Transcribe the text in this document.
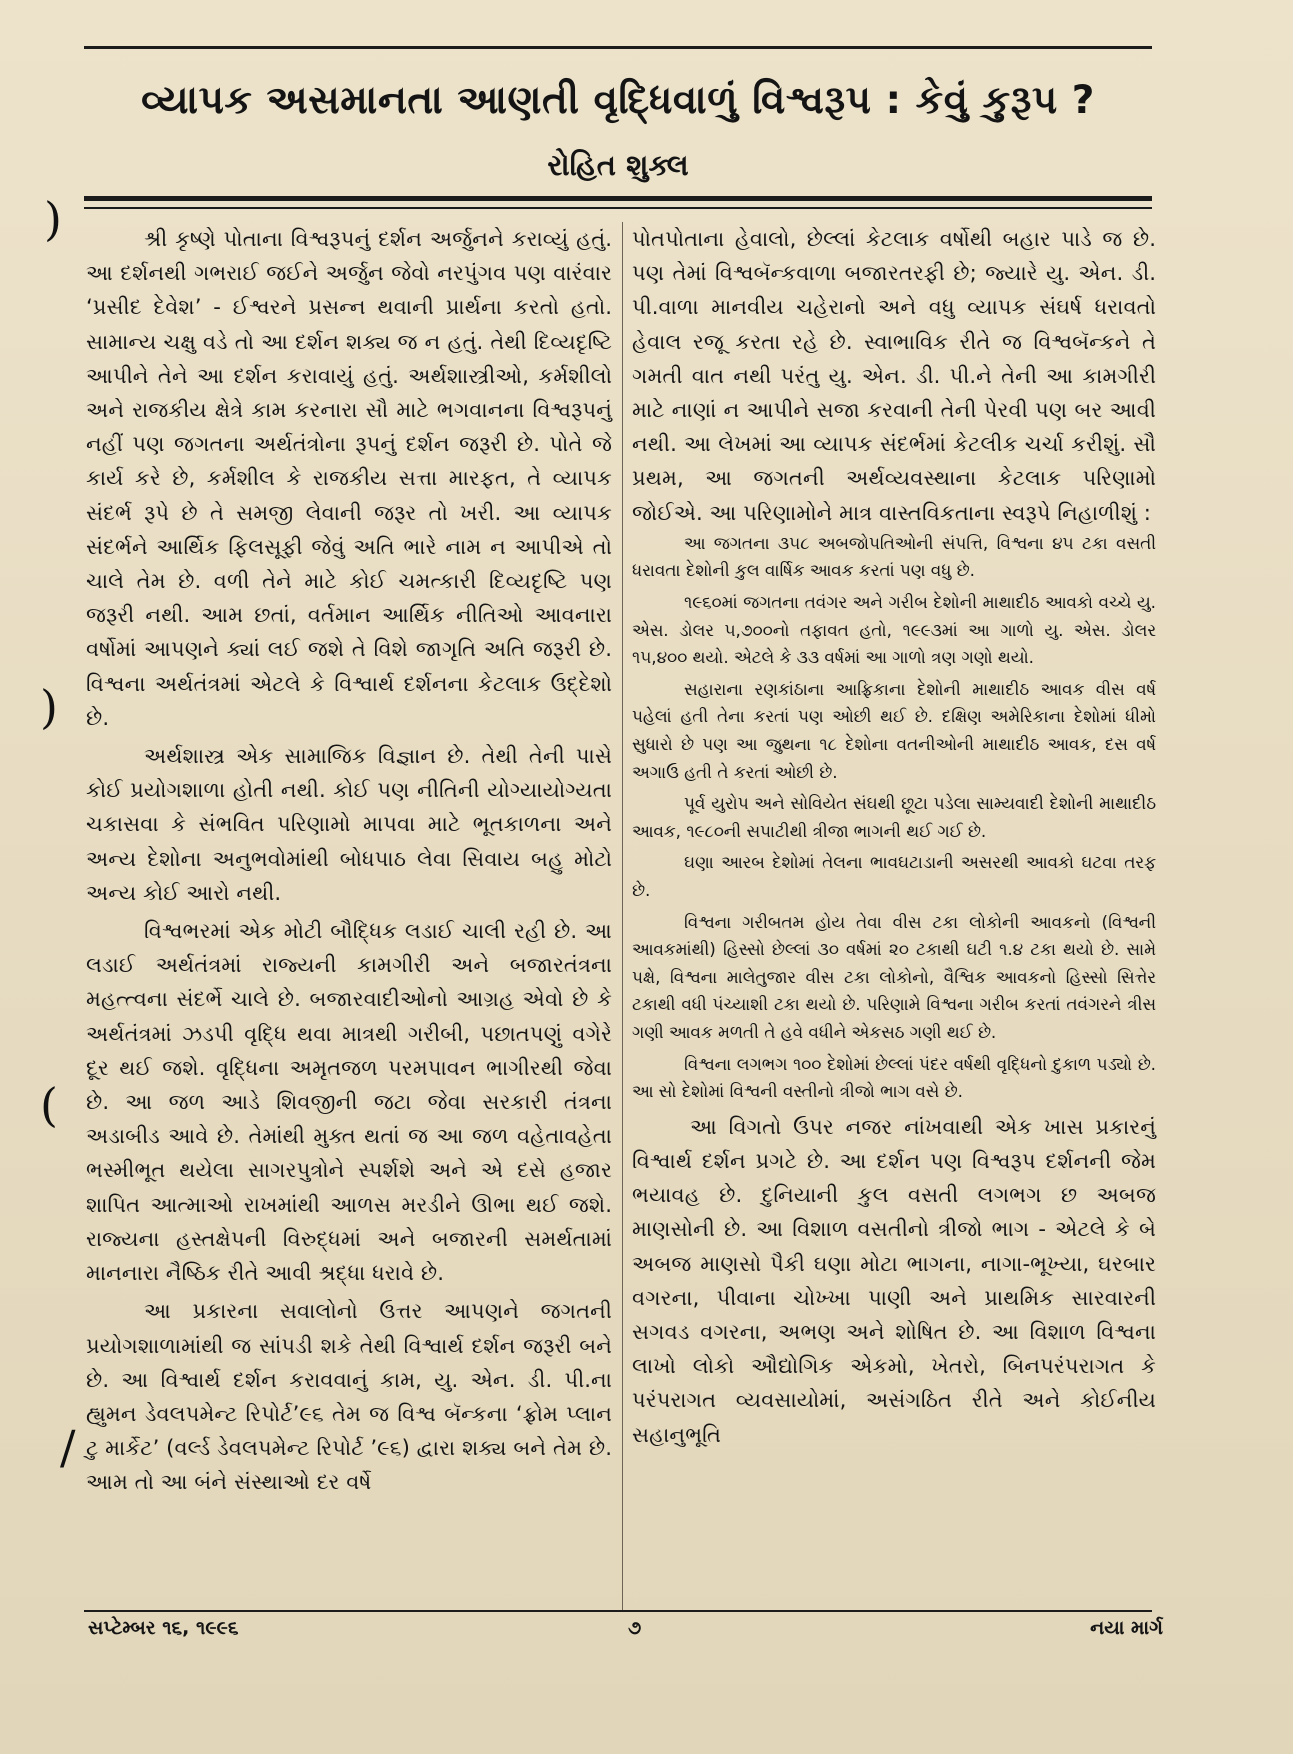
વ્યાપક અસમાનતા આણતી વૃદ્ધિવાળું વિશ્વરૂપ : કેવું કુરૂપ ?
રોહિત શુક્લ
)
)
(
/

શ્રી કૃષ્ણે પોતાના વિશ્વરૂપનું દર્શન અર્જુનને કરાવ્યું હતું. આ દર્શનથી ગભરાઈ જઈને અર્જુન જેવો નરપુંગવ પણ વારંવાર ‘પ્રસીદ દેવેશ’ - ઈશ્વરને પ્રસન્ન થવાની પ્રાર્થના કરતો હતો. સામાન્ય ચક્ષુ વડે તો આ દર્શન શક્ય જ ન હતું. તેથી દિવ્યદૃષ્ટિ આપીને તેને આ દર્શન કરાવાયું હતું. અર્થશાસ્ત્રીઓ, કર્મશીલો અને રાજકીય ક્ષેત્રે કામ કરનારા સૌ માટે ભગવાનના વિશ્વરૂપનું નહીં પણ જગતના અર્થતંત્રોના રૂપનું દર્શન જરૂરી છે. પોતે જે કાર્ય કરે છે, કર્મશીલ કે રાજકીય સત્તા મારફત, તે વ્યાપક સંદર્ભ રૂપે છે તે સમજી લેવાની જરૂર તો ખરી. આ વ્યાપક સંદર્ભને આર્થિક ફિલસૂફી જેવું અતિ ભારે નામ ન આપીએ તો ચાલે તેમ છે. વળી તેને માટે કોઈ ચમત્કારી દિવ્યદૃષ્ટિ પણ જરૂરી નથી. આમ છતાં, વર્તમાન આર્થિક નીતિઓ આવનારા વર્ષોમાં આપણને ક્યાં લઈ જશે તે વિશે જાગૃતિ અતિ જરૂરી છે. વિશ્વના અર્થતંત્રમાં એટલે કે વિશ્વાર્થ દર્શનના કેટલાક ઉદ્દેશો છે.

અર્થશાસ્ત્ર એક સામાજિક વિજ્ઞાન છે. તેથી તેની પાસે કોઈ પ્રયોગશાળા હોતી નથી. કોઈ પણ નીતિની યોગ્યાયોગ્યતા ચકાસવા કે સંભવિત પરિણામો માપવા માટે ભૂતકાળના અને અન્ય દેશોના અનુભવોમાંથી બોધપાઠ લેવા સિવાય બહુ મોટો અન્ય કોઈ આરો નથી.

વિશ્વભરમાં એક મોટી બૌદ્ધિક લડાઈ ચાલી રહી છે. આ લડાઈ અર્થતંત્રમાં રાજ્યની કામગીરી અને બજારતંત્રના મહત્ત્વના સંદર્ભે ચાલે છે. બજારવાદીઓનો આગ્રહ એવો છે કે અર્થતંત્રમાં ઝડપી વૃદ્ધિ થવા માત્રથી ગરીબી, પછાતપણું વગેરે દૂર થઈ જશે. વૃદ્ધિના અમૃતજળ પરમપાવન ભાગીરથી જેવા છે. આ જળ આડે શિવજીની જટા જેવા સરકારી તંત્રના અડાબીડ આવે છે. તેમાંથી મુક્ત થતાં જ આ જળ વહેતાવહેતા ભસ્મીભૂત થયેલા સાગરપુત્રોને સ્પર્શશે અને એ દસે હજાર શાપિત આત્માઓ રાખમાંથી આળસ મરડીને ઊભા થઈ જશે. રાજ્યના હસ્તક્ષેપની વિરુદ્ધમાં અને બજારની સમર્થતામાં માનનારા નૈષ્ઠિક રીતે આવી શ્રદ્ધા ધરાવે છે.

આ પ્રકારના સવાલોનો ઉત્તર આપણને જગતની પ્રયોગશાળામાંથી જ સાંપડી શકે તેથી વિશ્વાર્થ દર્શન જરૂરી બને છે. આ વિશ્વાર્થ દર્શન કરાવવાનું કામ, યુ. એન. ડી. પી.ના હ્યુમન ડેવલપમેન્ટ રિપોર્ટ’૯૬ તેમ જ વિશ્વ બૅન્કના ‘ફ્રોમ પ્લાન ટુ માર્કેટ’ (વર્લ્ડ ડેવલપમેન્ટ રિપોર્ટ ’૯૬) દ્વારા શક્ય બને તેમ છે. આમ તો આ બંને સંસ્થાઓ દર વર્ષે

પોતપોતાના હેવાલો, છેલ્લાં કેટલાક વર્ષોથી બહાર પાડે જ છે. પણ તેમાં વિશ્વબૅન્કવાળા બજારતરફી છે; જ્યારે યુ. એન. ડી. પી.વાળા માનવીય ચહેરાનો અને વધુ વ્યાપક સંઘર્ષ ધરાવતો હેવાલ રજૂ કરતા રહે છે. સ્વાભાવિક રીતે જ વિશ્વબૅન્કને તે ગમતી વાત નથી પરંતુ યુ. એન. ડી. પી.ને તેની આ કામગીરી માટે નાણાં ન આપીને સજા કરવાની તેની પેરવી પણ બર આવી નથી. આ લેખમાં આ વ્યાપક સંદર્ભમાં કેટલીક ચર્ચા કરીશું. સૌ પ્રથમ, આ જગતની અર્થવ્યવસ્થાના કેટલાક પરિણામો જોઈએ. આ પરિણામોને માત્ર વાસ્તવિકતાના સ્વરૂપે નિહાળીશું :

આ જગતના ૩૫૮ અબજોપતિઓની સંપત્તિ, વિશ્વના ૪૫ ટકા વસતી ધરાવતા દેશોની કુલ વાર્ષિક આવક કરતાં પણ વધુ છે.

૧૯૬૦માં જગતના તવંગર અને ગરીબ દેશોની માથાદીઠ આવકો વચ્ચે યુ. એસ. ડોલર ૫,૭૦૦નો તફાવત હતો, ૧૯૯૩માં આ ગાળો યુ. એસ. ડોલર ૧૫,૪૦૦ થયો. એટલે કે ૩૩ વર્ષમાં આ ગાળો ત્રણ ગણો થયો.

સહારાના રણકાંઠાના આફ્રિકાના દેશોની માથાદીઠ આવક વીસ વર્ષ પહેલાં હતી તેના કરતાં પણ ઓછી થઈ છે. દક્ષિણ અમેરિકાના દેશોમાં ધીમો સુધારો છે પણ આ જુથના ૧૮ દેશોના વતનીઓની માથાદીઠ આવક, દસ વર્ષ અગાઉ હતી તે કરતાં ઓછી છે.

પૂર્વ યુરોપ અને સોવિયેત સંઘથી છૂટા પડેલા સામ્યવાદી દેશોની માથાદીઠ આવક, ૧૯૮૦ની સપાટીથી ત્રીજા ભાગની થઈ ગઈ છે.

ઘણા આરબ દેશોમાં તેલના ભાવઘટાડાની અસરથી આવકો ઘટવા તરફ છે.

વિશ્વના ગરીબતમ હોય તેવા વીસ ટકા લોકોની આવકનો (વિશ્વની આવકમાંથી) હિસ્સો છેલ્લાં ૩૦ વર્ષમાં ૨૦ ટકાથી ઘટી ૧.૪ ટકા થયો છે. સામે પક્ષે, વિશ્વના માલેતુજાર વીસ ટકા લોકોનો, વૈશ્વિક આવકનો હિસ્સો સિત્તેર ટકાથી વધી પંચ્યાશી ટકા થયો છે. પરિણામે વિશ્વના ગરીબ કરતાં તવંગરને ત્રીસ ગણી આવક મળતી તે હવે વધીને એકસઠ ગણી થઈ છે.

વિશ્વના લગભગ ૧૦૦ દેશોમાં છેલ્લાં પંદર વર્ષથી વૃદ્ધિનો દુકાળ પડ્યો છે. આ સો દેશોમાં વિશ્વની વસ્તીનો ત્રીજો ભાગ વસે છે.

આ વિગતો ઉપર નજર નાંખવાથી એક ખાસ પ્રકારનું વિશ્વાર્થ દર્શન પ્રગટે છે. આ દર્શન પણ વિશ્વરૂપ દર્શનની જેમ ભયાવહ છે. દુનિયાની કુલ વસતી લગભગ છ અબજ માણસોની છે. આ વિશાળ વસતીનો ત્રીજો ભાગ - એટલે કે બે અબજ માણસો પૈકી ઘણા મોટા ભાગના, નાગા-ભૂખ્યા, ઘરબાર વગરના, પીવાના ચોખ્ખા પાણી અને પ્રાથમિક સારવારની સગવડ વગરના, અભણ અને શોષિત છે. આ વિશાળ વિશ્વના લાખો લોકો ઔદ્યોગિક એકમો, ખેતરો, બિનપરંપરાગત કે પરંપરાગત વ્યવસાયોમાં, અસંગઠિત રીતે અને કોઈનીય સહાનુભૂતિ

સપ્ટેમ્બર ૧૬, ૧૯૯૬	૭	નયા માર્ગ
